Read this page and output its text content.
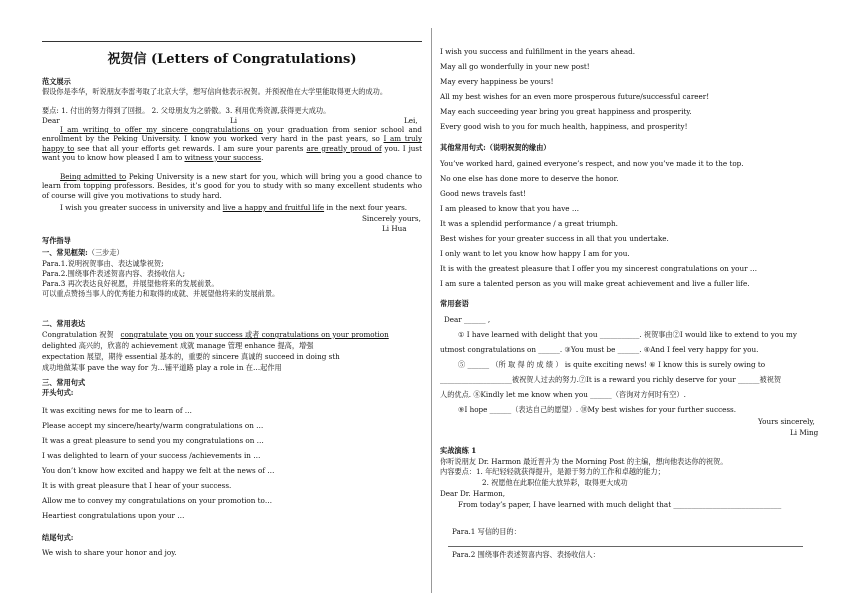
祝贺信 (Letters of Congratulations)
范文展示
假设你是李华，听说朋友李雷考取了北京大学，想写信向他表示祝贺。并预祝他在大学里能取得更大的成功。
要点: 1. 付出的努力得到了回报。 2. 父母朋友为之骄傲。3. 利用优秀资源,获得更大成功。
Dear	Li	Lei,
I am writing to offer my sincere congratulations on your graduation from senior school and enrollment by the Peking University. I know you worked very hard in the past years, so I am truly happy to see that all your efforts get rewards. I am sure your parents are greatly proud of you. I just want you to know how pleased I am to witness your success.
Being admitted to Peking University is a new start for you, which will bring you a good chance to learn from topping professors. Besides, it’s good for you to study with so many excellent students who of course will give you motivations to study hard.
I wish you greater success in university and live a happy and fruitful life in the next four years.
Sincerely yours,
Li Hua
写作指导
一、常见框架:（三步走）
Para.1.说明祝贺事由、表达诚挚祝贺;
Para.2.围绕事件表述贺喜内容、表扬收信人;
Para.3 再次表达良好祝愿，并展望他将来的发展前景。
可以重点赞扬当事人的优秀能力和取得的成就、并展望他将来的发展前景。
二、常用表达
Congratulation 祝贺 congratulate you on your success 或者 congratulations on your promotion
delighted 高兴的，欣喜的 achievement 成就 manage 管理 enhance 提高，增强
expectation 展望，期待 essential 基本的，重要的 sincere 真诚的 succeed in doing sth
成功地做某事 pave the way for 为…铺平道路 play a role in 在…起作用
三、常用句式
开头句式:
It was exciting news for me to learn of …
Please accept my sincere/hearty/warm congratulations on …
It was a great pleasure to send you my congratulations on …
I was delighted to learn of your success /achievements in …
You don’t know how excited and happy we felt at the news of …
It is with great pleasure that I hear of your success.
Allow me to convey my congratulations on your promotion to…
Heartiest congratulations upon your …
结尾句式:
We wish to share your honor and joy.
I wish you success and fulfillment in the years ahead.
May all go wonderfully in your new post!
May every happiness be yours!
All my best wishes for an even more prosperous future/successful career!
May each succeeding year bring you great happiness and prosperity.
Every good wish to you for much health, happiness, and prosperity!
其他常用句式:（说明祝贺的缘由）
You’ve worked hard, gained everyone’s respect, and now you’ve made it to the top.
No one else has done more to deserve the honor.
Good news travels fast!
I am pleased to know that you have …
It was a splendid performance / a great triumph.
Best wishes for your greater success in all that you undertake.
I only want to let you know how happy I am for you.
It is with the greatest pleasure that I offer you my sincerest congratulations on your …
I am sure a talented person as you will make great achievement and live a fuller life.
常用套语
Dear ______ ,
① I have learned with delight that you ___________. 祝贺事由②I would like to extend to you my
utmost congratulations on ______. ③You must be ______. ④And I feel very happy for you.
⑤ ______ （所 取 得 的 成 绩 ） is quite exciting news! ⑥ I know this is surely owing to
____________________被祝贺人过去的努力.⑦It is a reward you richly deserve for your ______被祝贺
人的优点. ⑧Kindly let me know when you ______（咨询对方何时有空）.
⑨I hope ______（表达自己的愿望）. ⑩My best wishes for your further success.
Yours sincerely,
Li Ming
实战演练 1
你听说朋友 Dr. Harmon 最近晋升为 the Morning Post 的主编，想向他表达你的祝贺。
内容要点：1. 年纪轻轻就获得提升，是源于努力的工作和卓越的能力；
2. 祝愿他在此职位能大放异彩，取得更大成功
Dear Dr. Harmon,
From today’s paper, I have learned with much delight that ______________________________
Para.1 写信的目的：
Para.2 围绕事件表述贺喜内容、表扬收信人：
